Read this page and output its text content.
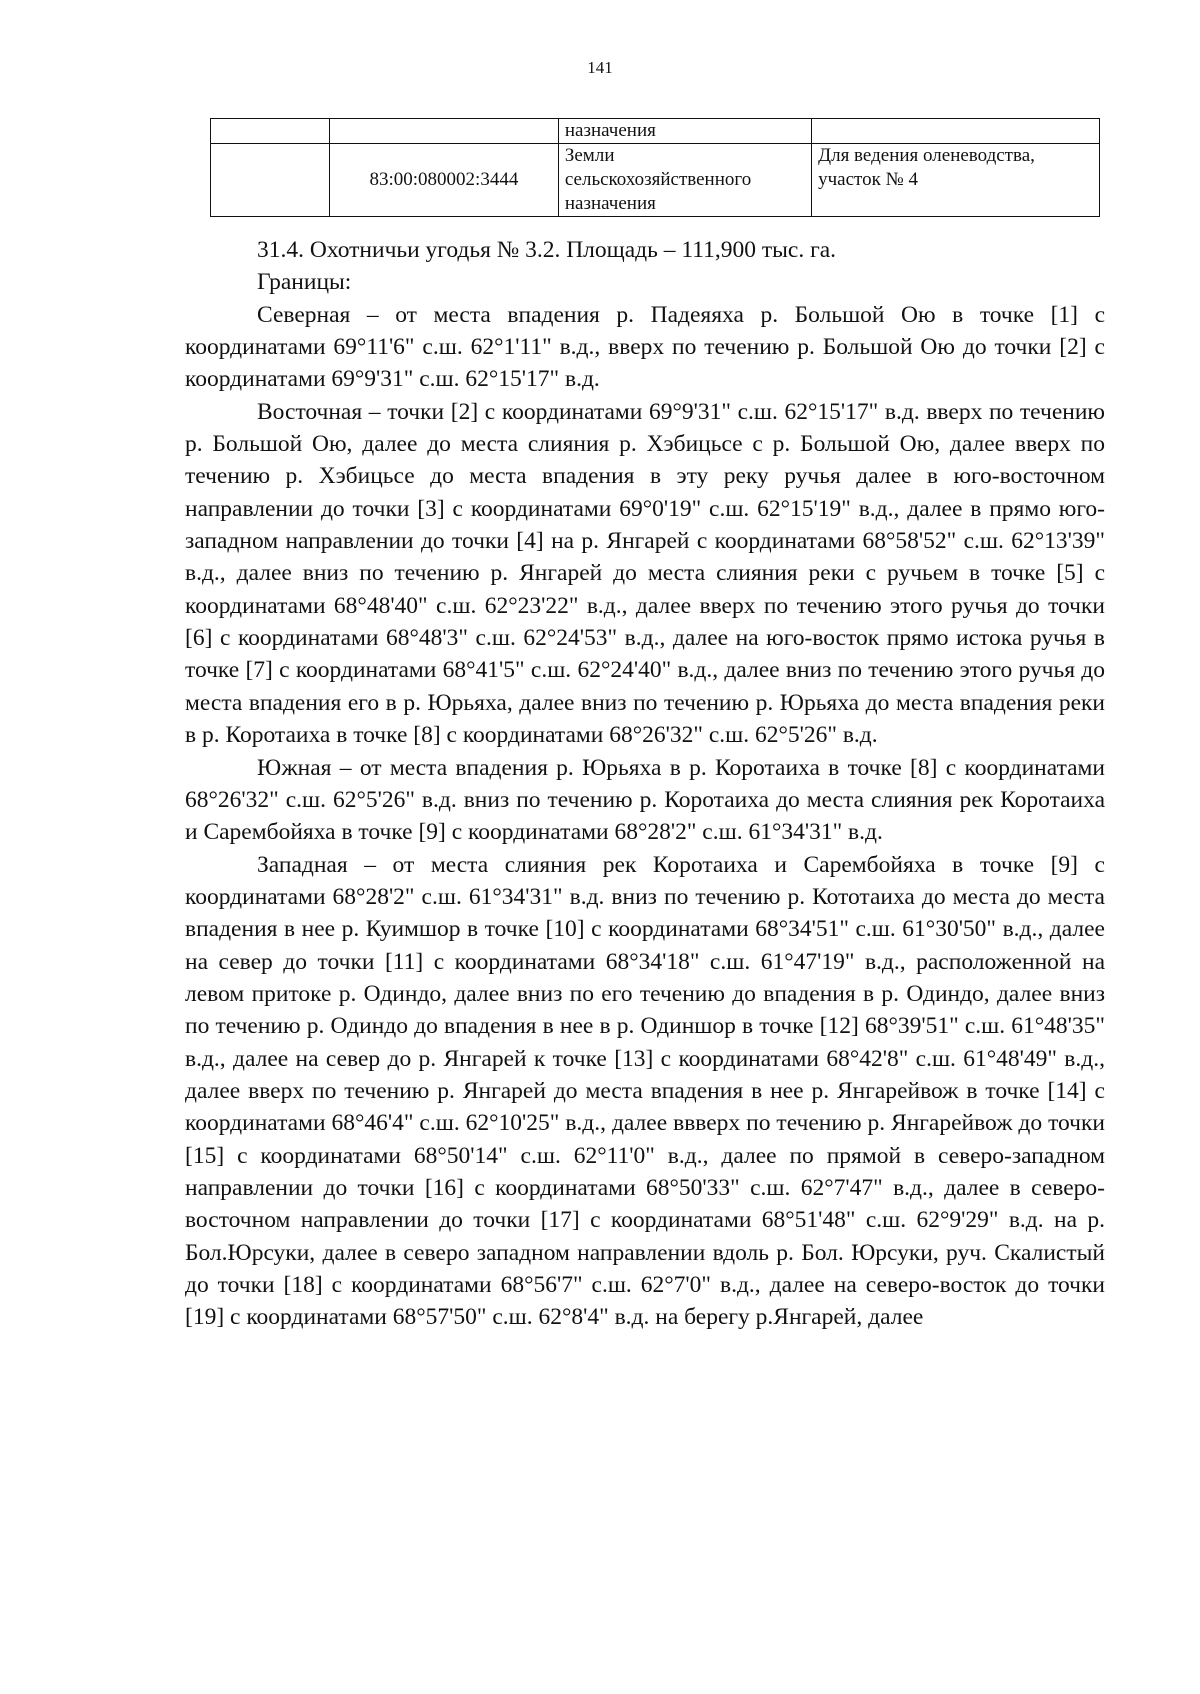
141
		назначения	
	83:00:080002:3444	Земли сельскохозяйственного назначения	Для ведения оленеводства, участок № 4

31.4. Охотничьи угодья № 3.2. Площадь – 111,900 тыс. га.

Границы:

Северная – от места впадения р. Падеяяха р. Большой Ою в точке [1] с координатами 69°11'6" с.ш. 62°1'11" в.д., вверх по течению р. Большой Ою до точки [2] с координатами 69°9'31" с.ш. 62°15'17" в.д.

Восточная – точки [2] с координатами 69°9'31" с.ш. 62°15'17" в.д. вверх по течению р. Большой Ою, далее до места слияния р. Хэбицьсе с р. Большой Ою, далее вверх по течению р. Хэбицьсе до места впадения в эту реку ручья далее в юго-восточном направлении до точки [3] с координатами 69°0'19" с.ш. 62°15'19" в.д., далее в прямо юго-западном направлении до точки [4] на р. Янгарей с координатами 68°58'52" с.ш. 62°13'39" в.д., далее вниз по течению р. Янгарей до места слияния реки с ручьем в точке [5] с координатами 68°48'40" с.ш. 62°23'22" в.д., далее вверх по течению этого ручья до точки [6] с координатами 68°48'3" с.ш. 62°24'53" в.д., далее на юго-восток прямо истока ручья в точке [7] с координатами 68°41'5" с.ш. 62°24'40" в.д., далее вниз по течению этого ручья до места впадения его в р. Юрьяха, далее вниз по течению р. Юрьяха до места впадения реки в р. Коротаиха в точке [8] с координатами 68°26'32" с.ш. 62°5'26" в.д.

Южная – от места впадения р. Юрьяха в р. Коротаиха в точке [8] с координатами 68°26'32" с.ш. 62°5'26" в.д. вниз по течению р. Коротаиха до места слияния рек Коротаиха и Сарембойяха в точке [9] с координатами 68°28'2" с.ш. 61°34'31" в.д.

Западная – от места слияния рек Коротаиха и Сарембойяха в точке [9] с координатами 68°28'2" с.ш. 61°34'31" в.д. вниз по течению р. Кототаиха до места до места впадения в нее р. Куимшор в точке [10] с координатами 68°34'51" с.ш. 61°30'50" в.д., далее на север до точки [11] с координатами 68°34'18" с.ш. 61°47'19" в.д., расположенной на левом притоке р. Одиндо, далее вниз по его течению до впадения в р. Одиндо, далее вниз по течению р. Одиндо до впадения в нее в р. Одиншор в точке [12] 68°39'51" с.ш. 61°48'35" в.д., далее на север до р. Янгарей к точке [13] с координатами 68°42'8" с.ш. 61°48'49" в.д., далее вверх по течению р. Янгарей до места впадения в нее р. Янгарейвож в точке [14] с координатами 68°46'4" с.ш. 62°10'25" в.д., далее ввверх по течению р. Янгарейвож до точки [15] с координатами 68°50'14" с.ш. 62°11'0" в.д., далее по прямой в северо-западном направлении до точки [16] с координатами 68°50'33" с.ш. 62°7'47" в.д., далее в северо-восточном направлении до точки [17] с координатами 68°51'48" с.ш. 62°9'29" в.д. на р. Бол.Юрсуки, далее в северо западном направлении вдоль р. Бол. Юрсуки, руч. Скалистый до точки [18] с координатами 68°56'7" с.ш. 62°7'0" в.д., далее на северо-восток до точки [19] с координатами 68°57'50" с.ш. 62°8'4" в.д. на берегу р.Янгарей, далее
